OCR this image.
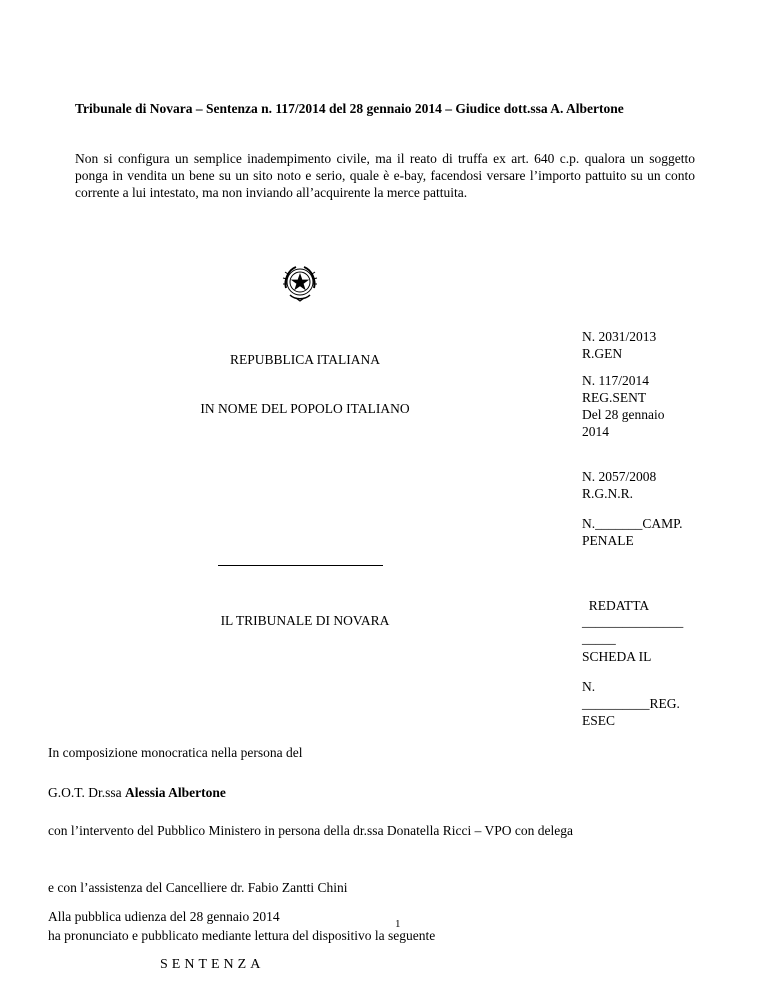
Tribunale di Novara – Sentenza n. 117/2014 del 28 gennaio 2014 – Giudice dott.ssa A. Albertone
Non si configura un semplice inadempimento civile, ma il reato di truffa ex art. 640 c.p. qualora un soggetto ponga in vendita un bene su un sito noto e serio, quale è e-bay, facendosi versare l’importo pattuito su un conto corrente a lui intestato, ma non inviando all’acquirente la merce pattuita.
REPUBBLICA ITALIANA
IN NOME DEL POPOLO ITALIANO
IL TRIBUNALE DI NOVARA
N. 2031/2013
R.GEN
N. 117/2014
REG.SENT
Del 28 gennaio
2014
N. 2057/2008
R.G.N.R.
N._______CAMP.
PENALE

REDATTA

SCHEDA IL

_______________
_____
N.
__________REG.
ESEC
In composizione monocratica nella persona del
G.O.T. Dr.ssa Alessia Albertone
con l’intervento del Pubblico Ministero in persona della dr.ssa Donatella Ricci – VPO con delega
e con l’assistenza del Cancelliere dr. Fabio Zantti Chini
Alla pubblica udienza del 28 gennaio 2014
ha pronunciato e pubblicato mediante lettura del dispositivo la seguente
1
SENTENZA
